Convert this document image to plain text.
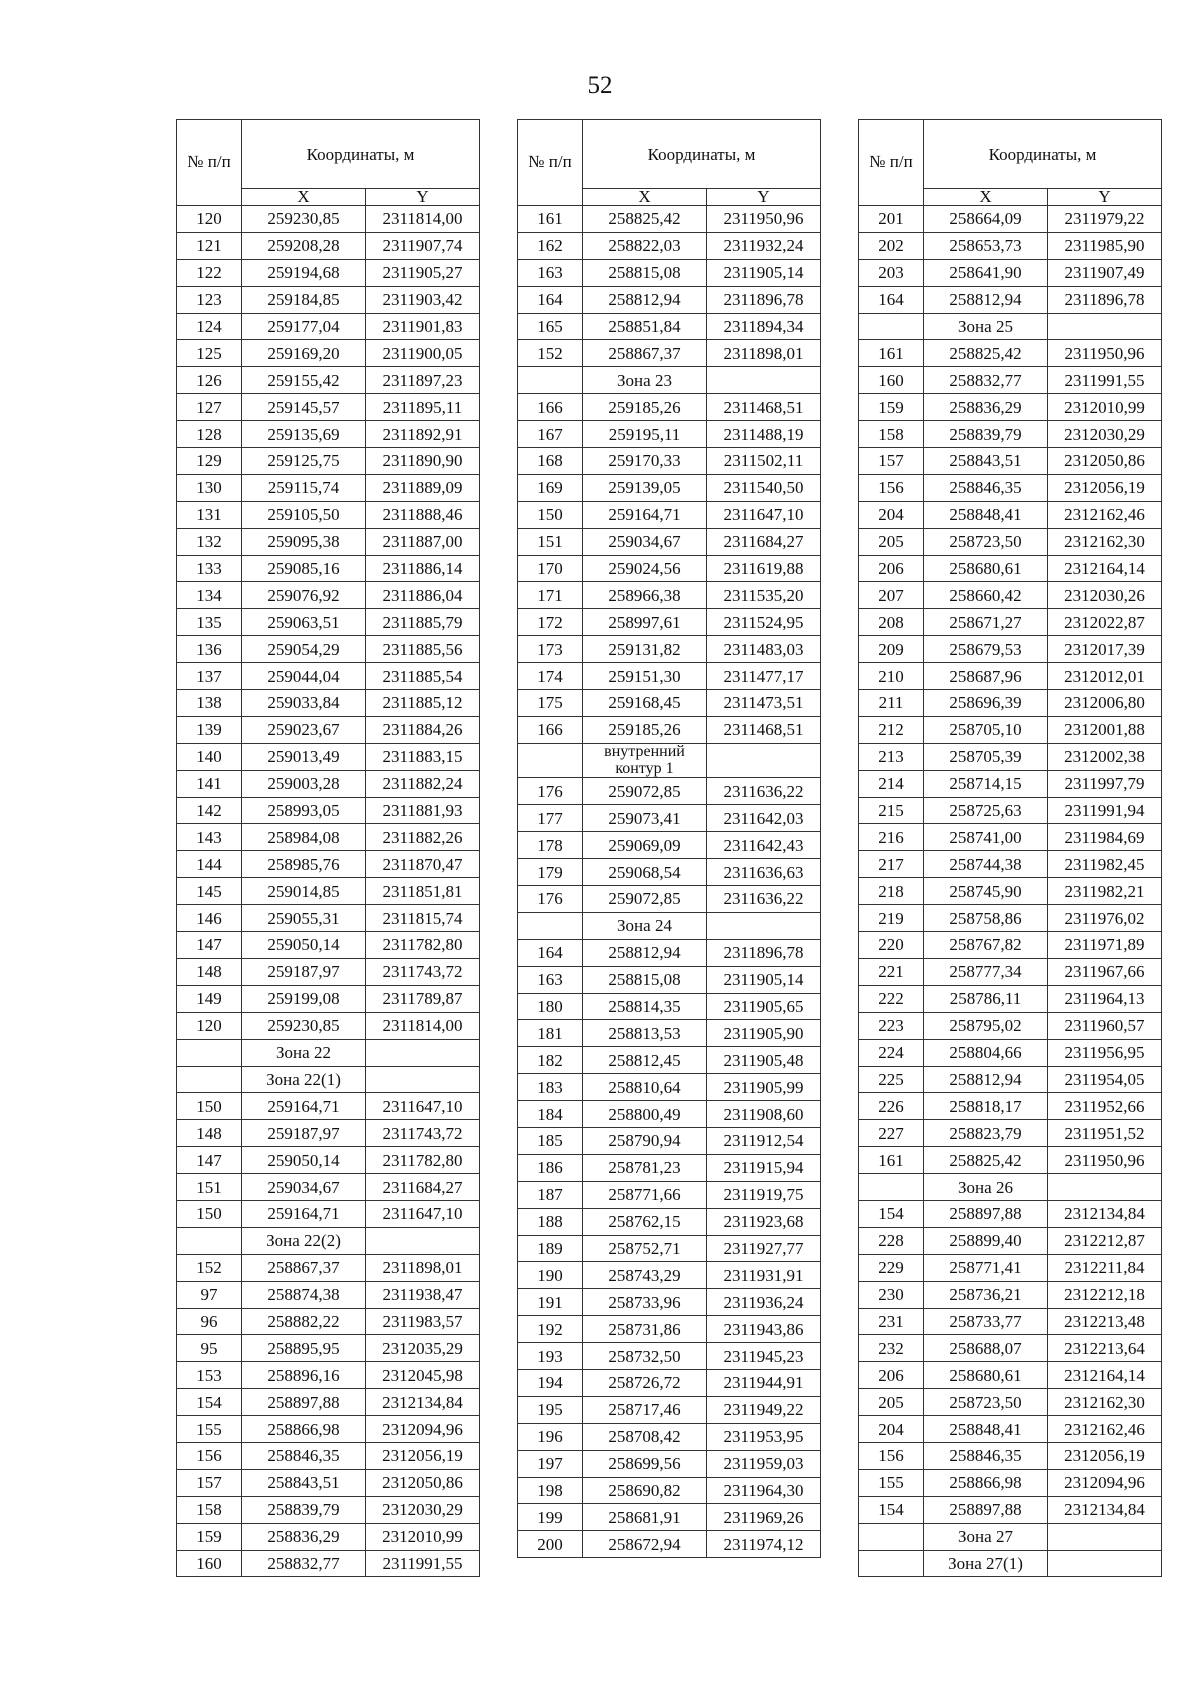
52
№ п/п	Координаты, м	
	X	Y
120	259230,85	2311814,00
121	259208,28	2311907,74
122	259194,68	2311905,27
123	259184,85	2311903,42
124	259177,04	2311901,83
125	259169,20	2311900,05
126	259155,42	2311897,23
127	259145,57	2311895,11
128	259135,69	2311892,91
129	259125,75	2311890,90
130	259115,74	2311889,09
131	259105,50	2311888,46
132	259095,38	2311887,00
133	259085,16	2311886,14
134	259076,92	2311886,04
135	259063,51	2311885,79
136	259054,29	2311885,56
137	259044,04	2311885,54
138	259033,84	2311885,12
139	259023,67	2311884,26
140	259013,49	2311883,15
141	259003,28	2311882,24
142	258993,05	2311881,93
143	258984,08	2311882,26
144	258985,76	2311870,47
145	259014,85	2311851,81
146	259055,31	2311815,74
147	259050,14	2311782,80
148	259187,97	2311743,72
149	259199,08	2311789,87
120	259230,85	2311814,00
	Зона 22	
	Зона 22(1)	
150	259164,71	2311647,10
148	259187,97	2311743,72
147	259050,14	2311782,80
151	259034,67	2311684,27
150	259164,71	2311647,10
	Зона 22(2)	
152	258867,37	2311898,01
97	258874,38	2311938,47
96	258882,22	2311983,57
95	258895,95	2312035,29
153	258896,16	2312045,98
154	258897,88	2312134,84
155	258866,98	2312094,96
156	258846,35	2312056,19
157	258843,51	2312050,86
158	258839,79	2312030,29
159	258836,29	2312010,99
160	258832,77	2311991,55
№ п/п	Координаты, м	
	X	Y
161	258825,42	2311950,96
162	258822,03	2311932,24
163	258815,08	2311905,14
164	258812,94	2311896,78
165	258851,84	2311894,34
152	258867,37	2311898,01
	Зона 23	
166	259185,26	2311468,51
167	259195,11	2311488,19
168	259170,33	2311502,11
169	259139,05	2311540,50
150	259164,71	2311647,10
151	259034,67	2311684,27
170	259024,56	2311619,88
171	258966,38	2311535,20
172	258997,61	2311524,95
173	259131,82	2311483,03
174	259151,30	2311477,17
175	259168,45	2311473,51
166	259185,26	2311468,51
	внутренний контур 1	
176	259072,85	2311636,22
177	259073,41	2311642,03
178	259069,09	2311642,43
179	259068,54	2311636,63
176	259072,85	2311636,22
	Зона 24	
164	258812,94	2311896,78
163	258815,08	2311905,14
180	258814,35	2311905,65
181	258813,53	2311905,90
182	258812,45	2311905,48
183	258810,64	2311905,99
184	258800,49	2311908,60
185	258790,94	2311912,54
186	258781,23	2311915,94
187	258771,66	2311919,75
188	258762,15	2311923,68
189	258752,71	2311927,77
190	258743,29	2311931,91
191	258733,96	2311936,24
192	258731,86	2311943,86
193	258732,50	2311945,23
194	258726,72	2311944,91
195	258717,46	2311949,22
196	258708,42	2311953,95
197	258699,56	2311959,03
198	258690,82	2311964,30
199	258681,91	2311969,26
200	258672,94	2311974,12
№ п/п	Координаты, м	
	X	Y
201	258664,09	2311979,22
202	258653,73	2311985,90
203	258641,90	2311907,49
164	258812,94	2311896,78
	Зона 25	
161	258825,42	2311950,96
160	258832,77	2311991,55
159	258836,29	2312010,99
158	258839,79	2312030,29
157	258843,51	2312050,86
156	258846,35	2312056,19
204	258848,41	2312162,46
205	258723,50	2312162,30
206	258680,61	2312164,14
207	258660,42	2312030,26
208	258671,27	2312022,87
209	258679,53	2312017,39
210	258687,96	2312012,01
211	258696,39	2312006,80
212	258705,10	2312001,88
213	258705,39	2312002,38
214	258714,15	2311997,79
215	258725,63	2311991,94
216	258741,00	2311984,69
217	258744,38	2311982,45
218	258745,90	2311982,21
219	258758,86	2311976,02
220	258767,82	2311971,89
221	258777,34	2311967,66
222	258786,11	2311964,13
223	258795,02	2311960,57
224	258804,66	2311956,95
225	258812,94	2311954,05
226	258818,17	2311952,66
227	258823,79	2311951,52
161	258825,42	2311950,96
	Зона 26	
154	258897,88	2312134,84
228	258899,40	2312212,87
229	258771,41	2312211,84
230	258736,21	2312212,18
231	258733,77	2312213,48
232	258688,07	2312213,64
206	258680,61	2312164,14
205	258723,50	2312162,30
204	258848,41	2312162,46
156	258846,35	2312056,19
155	258866,98	2312094,96
154	258897,88	2312134,84
	Зона 27	
	Зона 27(1)	
